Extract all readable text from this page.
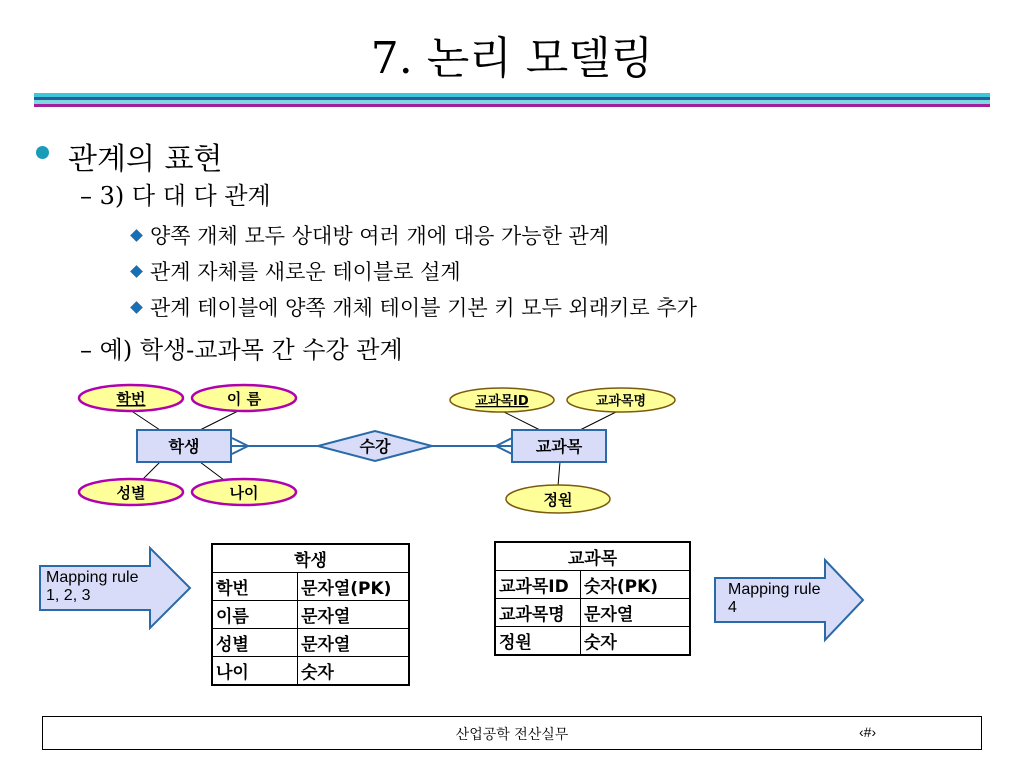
7. 논리 모델링
관계의 표현
– 3) 다 대 다 관계
양쪽 개체 모두 상대방 여러 개에 대응 가능한 관계
관계 자체를 새로운 테이블로 설계
관계 테이블에 양쪽 개체 테이블 기본 키 모두 외래키로 추가
– 예) 학생-교과목 간 수강 관계
학번	이 름
성별	나이
학생	수강	교과목
교과목ID	교과목명
정원
Mapping rule
1, 2, 3	Mapping rule
4
학생	
학번	문자열(PK)
이름	문자열
성별	문자열
나이	숫자
교과목	
교과목ID	숫자(PK)
교과목명	문자열
정원	숫자
산업공학 전산실무	‹#›
